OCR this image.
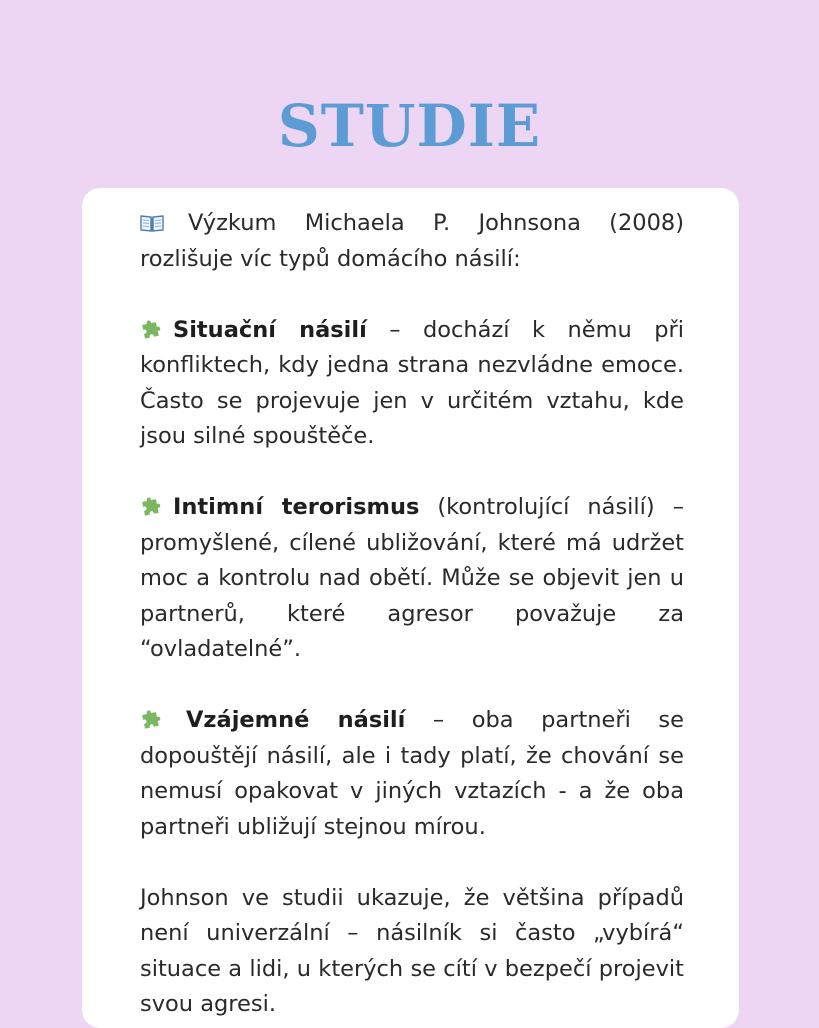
STUDIE

Výzkum Michaela P. Johnsona (2008) rozlišuje víc typů domácího násilí:

Situační násilí – dochází k němu při konfliktech, kdy jedna strana nezvládne emoce. Často se projevuje jen v určitém vztahu, kde jsou silné spouštěče.

Intimní terorismus (kontrolující násilí) – promyšlené, cílené ubližování, které má udržet moc a kontrolu nad obětí. Může se objevit jen u partnerů, které agresor považuje za “ovladatelné”.

Vzájemné násilí – oba partneři se dopouštějí násilí, ale i tady platí, že chování se nemusí opakovat v jiných vztazích - a že oba partneři ubližují stejnou mírou.

Johnson ve studii ukazuje, že většina případů není univerzální – násilník si často „vybírá“ situace a lidi, u kterých se cítí v bezpečí projevit svou agresi.
